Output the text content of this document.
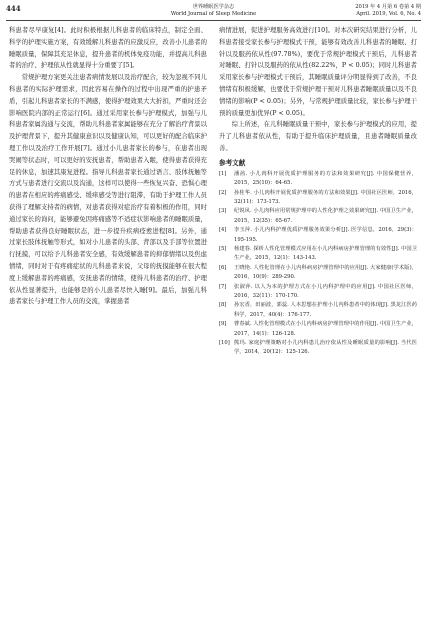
444	世界睡眠医学杂志
World Journal of Sleep Medicine
2019 年 4 月第 6 卷第 4 期
April. 2019, Vol. 6, No. 4

科患者尽早康复[4]。此时积极根据儿科患者的临床特点，制定全面、科学的护理实施方案，有效缓解儿科患者的应激反应，改善小儿患者的睡眠质量，保障其充足休息，提升患者的机体免疫功能，并提高儿科患者的治疗、护理依从性就显得十分重要了[5]。

常规护理方案更关注患者病情发展以及治疗配合，较为忽视不同儿科患者的实际护理需求，因此容易在操作的过程中出现严重的护患矛盾，引起儿科患者家长的不满感，使得护理效果大大折扣，严重时还会影响医院内部的正常运行[6]。通过采用家长参与护理模式，加强与儿科患者家属沟通与交流，帮助儿科患者家属能够在充分了解治疗背景以及护理背景下，提升其健康意识以及健康认知，可以更好的配合临床护理工作以及治疗工作开展[7]。通过小儿患者家长的参与，在患者出现哭闹等状态时，可以更好的安抚患者，帮助患者入眠，使得患者获得充足的休息，加速其康复进程。指导儿科患者家长通过语言、肢体抚触等方式与患者进行交流以及沟通，这样可以使得一些恢复兴奋、恐惧心理的患者在相应的疼痛感受、缓痒感受等进行阻滞，有助于护理工作人员获得了理解支持者的病情，对患者获得对症治疗有着积极的作用，同时通过家长的询问，能够避免因疼痛感等不适症状影响患者的睡眠质量，帮助患者获得良好睡眠状态，进一步提升疾病痊愈进程[8]。另外，通过家长肢体抚触等形式，如对小儿患者的头部、背部以及手部等位置进行抚摸，可以给予儿科患者安全感，有效缓解患者的抑郁情绪以及焦虑情绪，同时对于有疼痛症状的儿科患者来说，父母的抚摸能够在很大程度上缓解患者的疼痛感，安抚患者的情绪，使得儿科患者的治疗、护理依从性显著提升，也能够是的小儿患者尽快入睡[9]。最后，加强儿科患者家长与护理工作人员的交流，掌握患者

病情进展，促进护理服务高效进行[10]。对本次研究结果进行分析，儿科患者接受家长参与护理模式干预，能够有效改善儿科患者的睡眠、打针以及服药依从性(97.78%)，要优于常规护理模式干预后，儿科患者对睡眠、打针以及服药的依从性(82.22%，P < 0.05)；同时儿科患者采用家长参与护理模式干预后，其睡眠质量评分明显得到了改善，不良情绪有积极缓解，也要优于常规护理干预对儿科患者睡眠质量以及不良情绪的影响(P < 0.05)；另外，与常规护理质量比较，家长参与护理干预的质量更加优异(P < 0.05)。

综上所述，在儿科睡眠质量干预中，家长参与护理模式的应用，提升了儿科患者依从性，有助于提升临床护理质量，且患者睡眠质量改善。

参考文献
[1]	潘茜. 小儿肉科开展优质护理服务的方法和效果研究[J]. 中国保健营养，2015，25(10)：64-65.
[2]	孙桂华. 小儿肉科开展优质护理服务的方法和效果[J]. 中国社区医师，2016，32(11)：173-173.
[3]	纪锐风. 小儿肉科应用常规护理中的人性化护理之效果研究[J]. 中国卫生产业，2015，12(35)：65-67.
[4]	李玉萍. 小儿内科护理优质护理服务效果分析[J]. 医学信息，2016，29(3)：195-195.
[5]	杨建春. 探析人性化管理模式应用在小儿内科病房护理管理的有效性[J]. 中国卫生产业，2015，12(1)：143-143.
[6]	王晓艳. 人性化管理在小儿内科病房护理管理中的应用[J]. 大家健康(学术版)，2016，10(9)：289-290.
[7]	张淑萍. 以人为本的护理方式在小儿内科护理中的应用[J]. 中国社区医师，2016，32(11)：170-170.
[8]	孙宏香，田丽波，郭蕊. 人本思想在护理小儿内科患者中的体现[J]. 黑龙江医药科学，2017，40(4)：176-177.
[9]	曹春斌. 人性化管理模式在小儿内科病房护理管理中的作用[J]. 中国卫生产业，2017，14(1)：126-128.
[10] 熊玛. 家庭护理策略对小儿内科患儿治疗依从性及睡眠质量的影响[J]. 当代医学，2014，20(12)：125-126.
